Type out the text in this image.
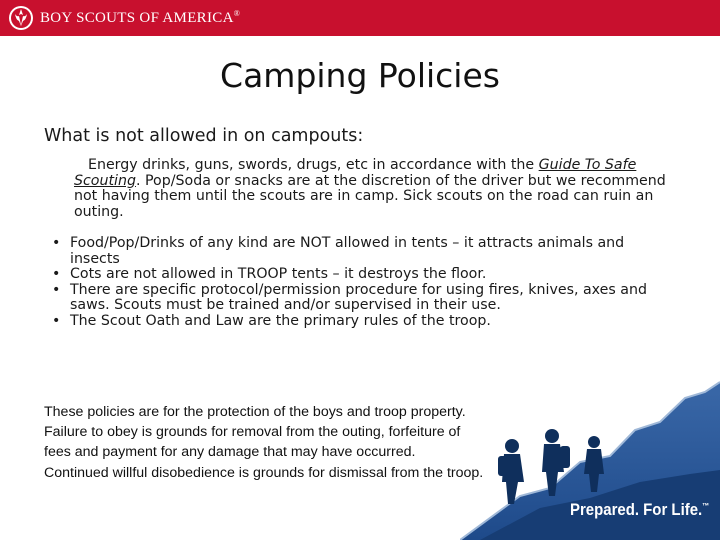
BOY SCOUTS OF AMERICA®
Camping Policies
What is not allowed in on campouts:
Energy drinks, guns, swords, drugs, etc in accordance with the Guide To Safe Scouting. Pop/Soda or snacks are at the discretion of the driver but we recommend not having them until the scouts are in camp. Sick scouts on the road can ruin an outing.
• Food/Pop/Drinks of any kind are NOT allowed in tents – it attracts animals and insects
• Cots are not allowed in TROOP tents – it destroys the floor.
• There are specific protocol/permission procedure for using fires, knives, axes and saws. Scouts must be trained and/or supervised in their use.
• The Scout Oath and Law are the primary rules of the troop.
These policies are for the protection of the boys and troop property. Failure to obey is grounds for removal from the outing, forfeiture of fees and payment for any damage that may have occurred. Continued willful disobedience is grounds for dismissal from the troop.
Prepared. For Life.™
